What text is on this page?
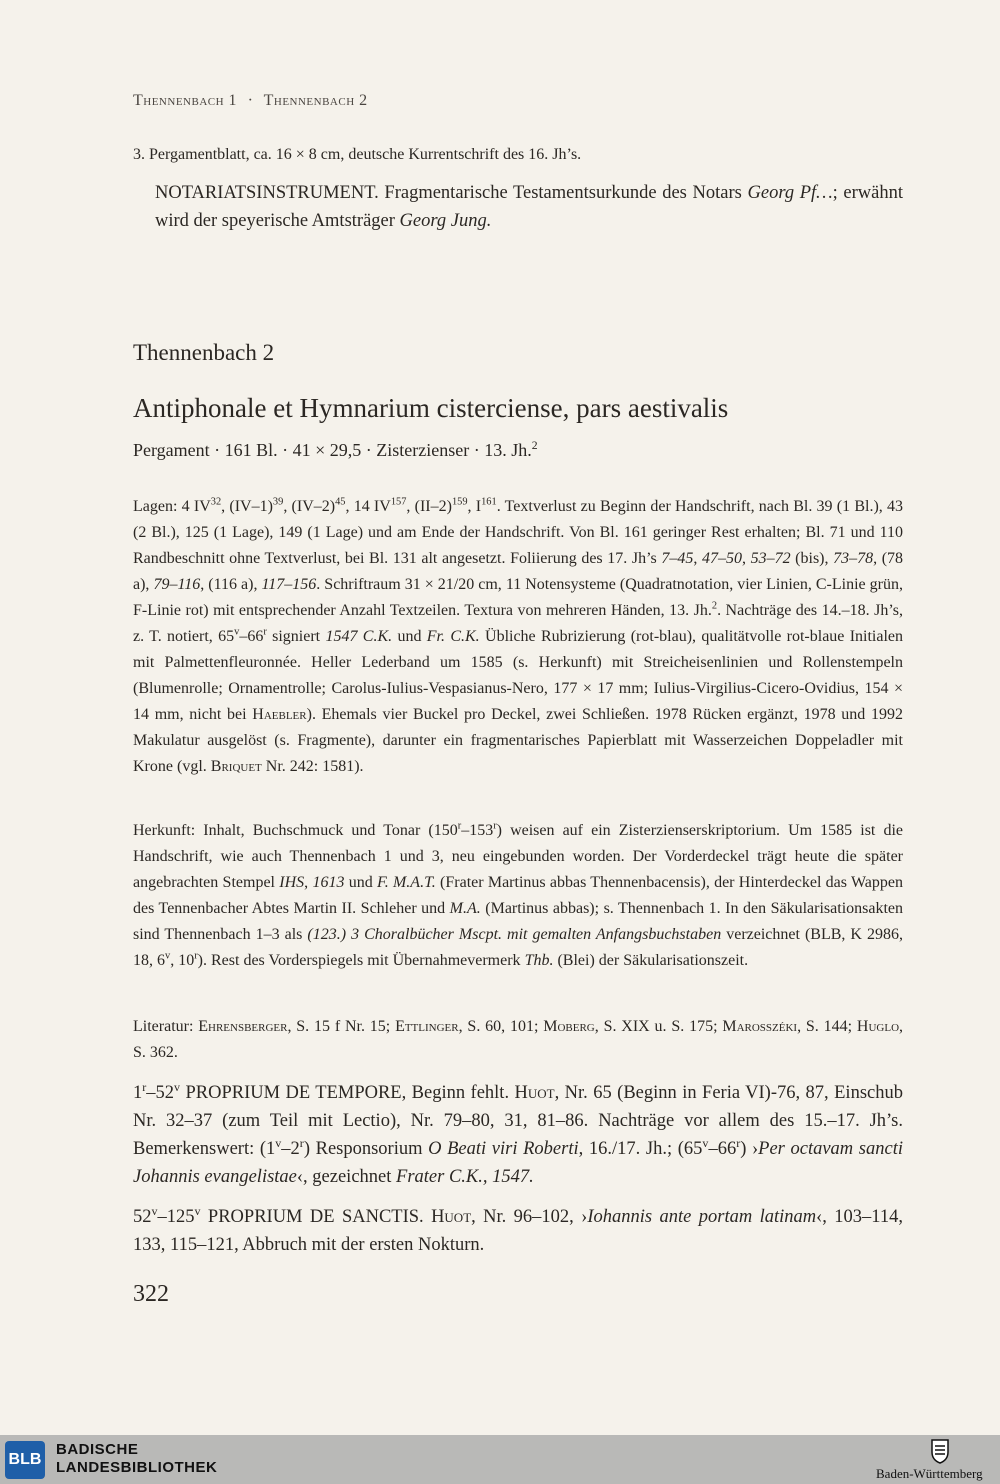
Thennenbach 1 · Thennenbach 2
3. Pergamentblatt, ca. 16 × 8 cm, deutsche Kurrentschrift des 16. Jh’s.
NOTARIATSINSTRUMENT. Fragmentarische Testamentsurkunde des Notars Georg Pf…; erwähnt wird der speyerische Amtsträger Georg Jung.
Thennenbach 2
Antiphonale et Hymnarium cisterciense, pars aestivalis
Pergament · 161 Bl. · 41 × 29,5 · Zisterzienser · 13. Jh.$^2$
Lagen: 4 IV$^{32}$, $(IV-1)^{39}$, $(IV-2)^{45}$, 14 IV$^{157}$, $(II-2)^{159}$, $I^{161}$. Textverlust zu Beginn der Handschrift, nach Bl. 39 (1 Bl.), 43 (2 Bl.), 125 (1 Lage), 149 (1 Lage) und am Ende der Handschrift. Von Bl. 161 geringer Rest erhalten; Bl. 71 und 110 Randbeschnitt ohne Textverlust, bei Bl. 131 alt angesetzt. Foliierung des 17. Jh’s 7–45, 47–50, 53–72 (bis), 73–78, (78 a), 79–116, (116 a), 117–156. Schriftraum 31 × 21/20 cm, 11 Notensysteme (Quadratnotation, vier Linien, C-Linie grün, F-Linie rot) mit entsprechender Anzahl Textzeilen. Textura von mehreren Händen, 13. Jh.$^2$. Nachträge des 14.–18. Jh’s, z. T. notiert, 65$^v$–66$^r$ signiert 1547 C.K. und Fr. C.K. Übliche Rubrizierung (rot-blau), qualitätvolle rot-blaue Initialen mit Palmettenfleuronnée. Heller Lederband um 1585 (s. Herkunft) mit Streicheisenlinien und Rollenstempeln (Blumenrolle; Ornamentrolle; Carolus-Iulius-Vespasianus-Nero, 177 × 17 mm; Iulius-Virgilius-Cicero-Ovidius, 154 × 14 mm, nicht bei Haebler). Ehemals vier Buckel pro Deckel, zwei Schließen. 1978 Rücken ergänzt, 1978 und 1992 Makulatur ausgelöst (s. Fragmente), darunter ein fragmentarisches Papierblatt mit Wasserzeichen Doppeladler mit Krone (vgl. Briquet Nr. 242: 1581).
Herkunft: Inhalt, Buchschmuck und Tonar (150$^r$–153$^r$) weisen auf ein Zisterzienserskriptorium. Um 1585 ist die Handschrift, wie auch Thennenbach 1 und 3, neu eingebunden worden. Der Vorderdeckel trägt heute die später angebrachten Stempel IHS, 1613 und F. M.A.T. (Frater Martinus abbas Thennenbacensis), der Hinterdeckel das Wappen des Tennenbacher Abtes Martin II. Schleher und M.A. (Martinus abbas); s. Thennenbach 1. In den Säkularisationsakten sind Thennenbach 1–3 als (123.) 3 Choralbücher Mscpt. mit gemalten Anfangsbuchstaben verzeichnet (BLB, K 2986, 18, 6$^v$, 10$^r$). Rest des Vorderspiegels mit Übernahmevermerk Thb. (Blei) der Säkularisationszeit.
Literatur: Ehrensberger, S. 15 f Nr. 15; Ettlinger, S. 60, 101; Moberg, S. XIX u. S. 175; Marosszéki, S. 144; Huglo, S. 362.
1$^r$–52$^v$ PROPRIUM DE TEMPORE, Beginn fehlt. Huot, Nr. 65 (Beginn in Feria VI)-76, 87, Einschub Nr. 32–37 (zum Teil mit Lectio), Nr. 79–80, 31, 81–86. Nachträge vor allem des 15.–17. Jh’s. Bemerkenswert: (1$^v$–2$^r$) Responsorium O Beati viri Roberti, 16./17. Jh.; (65$^v$–66$^r$) ›Per octavam sancti Johannis evangelistae‹, gezeichnet Frater C.K., 1547.
52$^v$–125$^v$ PROPRIUM DE SANCTIS. Huot, Nr. 96–102, ›Iohannis ante portam latinam‹, 103–114, 133, 115–121, Abbruch mit der ersten Nokturn.
322
BLB
BADISCHE
LANDESBIBLIOTHEK	Baden-Württemberg
